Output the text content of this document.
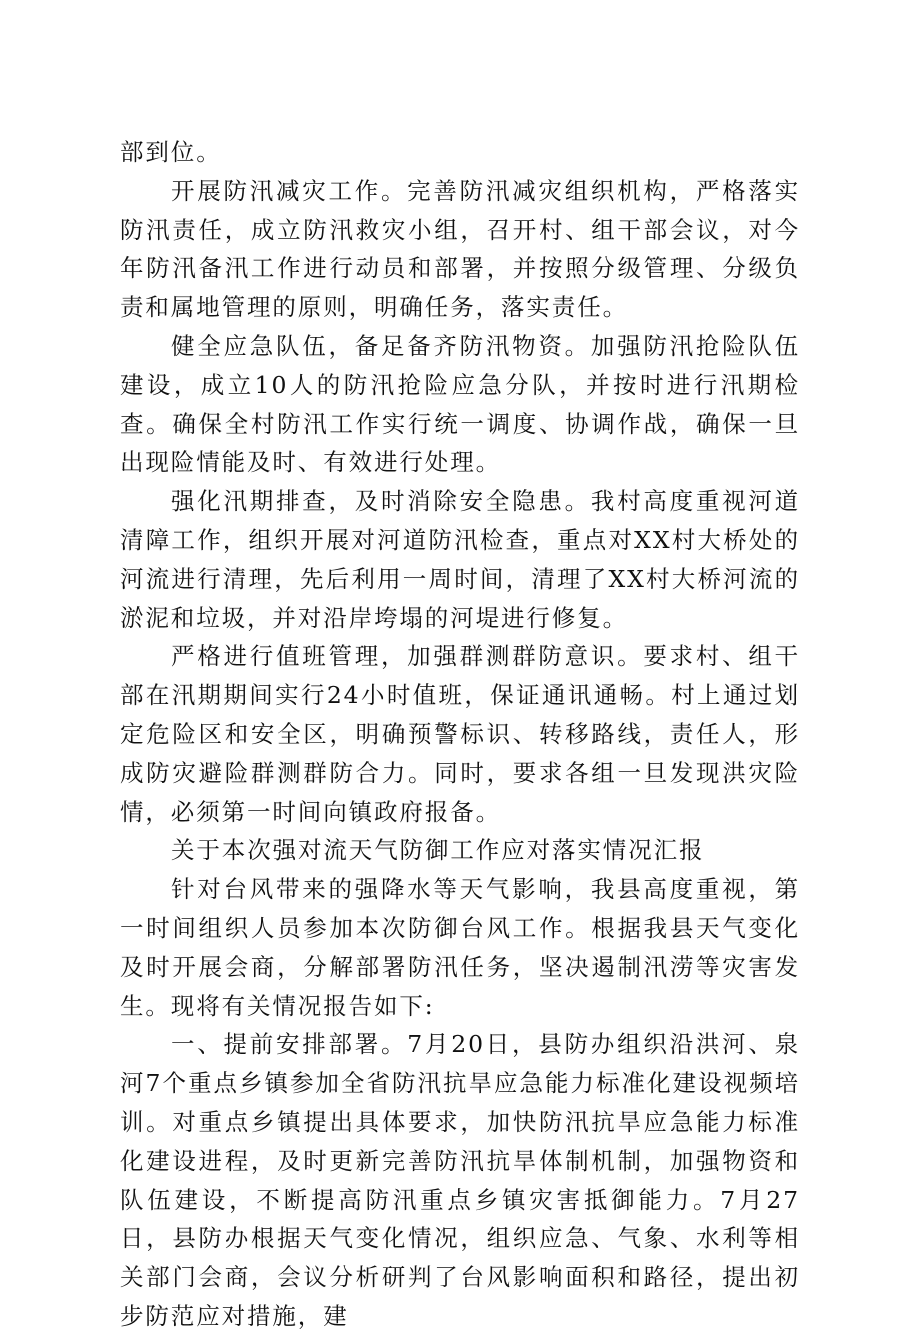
部到位。

开展防汛减灾工作。完善防汛减灾组织机构，严格落实防汛责任，成立防汛救灾小组，召开村、组干部会议，对今年防汛备汛工作进行动员和部署，并按照分级管理、分级负责和属地管理的原则，明确任务，落实责任。

健全应急队伍，备足备齐防汛物资。加强防汛抢险队伍建设，成立10人的防汛抢险应急分队，并按时进行汛期检查。确保全村防汛工作实行统一调度、协调作战，确保一旦出现险情能及时、有效进行处理。

强化汛期排查，及时消除安全隐患。我村高度重视河道清障工作，组织开展对河道防汛检查，重点对XX村大桥处的河流进行清理，先后利用一周时间，清理了XX村大桥河流的淤泥和垃圾，并对沿岸垮塌的河堤进行修复。

严格进行值班管理，加强群测群防意识。要求村、组干部在汛期期间实行24小时值班，保证通讯通畅。村上通过划定危险区和安全区，明确预警标识、转移路线，责任人，形成防灾避险群测群防合力。同时，要求各组一旦发现洪灾险情，必须第一时间向镇政府报备。

关于本次强对流天气防御工作应对落实情况汇报

针对台风带来的强降水等天气影响，我县高度重视，第一时间组织人员参加本次防御台风工作。根据我县天气变化及时开展会商，分解部署防汛任务，坚决遏制汛涝等灾害发生。现将有关情况报告如下:

一、提前安排部署。7月20日，县防办组织沿洪河、泉河7个重点乡镇参加全省防汛抗旱应急能力标准化建设视频培训。对重点乡镇提出具体要求，加快防汛抗旱应急能力标准化建设进程，及时更新完善防汛抗旱体制机制，加强物资和队伍建设，不断提高防汛重点乡镇灾害抵御能力。7月27日，县防办根据天气变化情况，组织应急、气象、水利等相关部门会商，会议分析研判了台风影响面积和路径，提出初步防范应对措施，建
